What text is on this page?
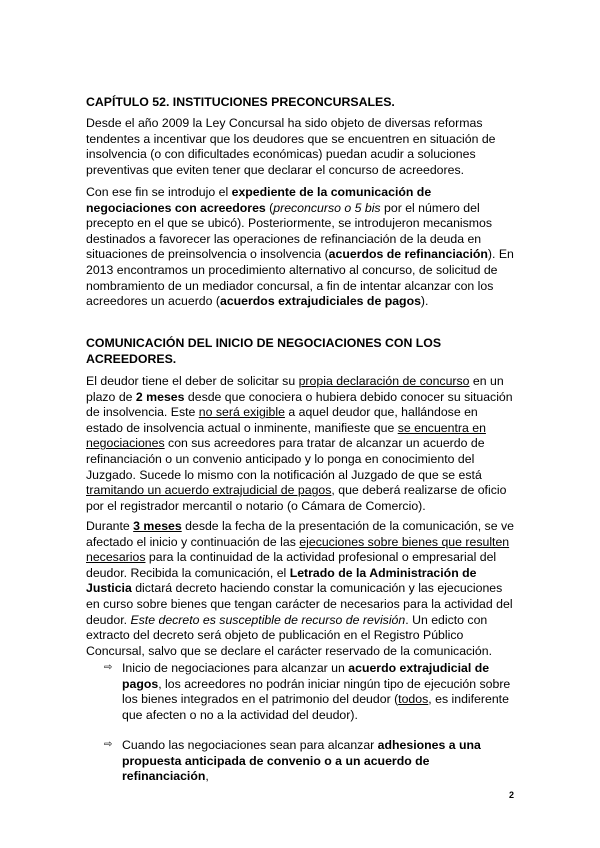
CAPÍTULO 52. INSTITUCIONES PRECONCURSALES.

Desde el año 2009 la Ley Concursal ha sido objeto de diversas reformas tendentes a incentivar que los deudores que se encuentren en situación de insolvencia (o con dificultades económicas) puedan acudir a soluciones preventivas que eviten tener que declarar el concurso de acreedores.

Con ese fin se introdujo el expediente de la comunicación de negociaciones con acreedores (preconcurso o 5 bis por el número del precepto en el que se ubicó). Posteriormente, se introdujeron mecanismos destinados a favorecer las operaciones de refinanciación de la deuda en situaciones de preinsolvencia o insolvencia (acuerdos de refinanciación). En 2013 encontramos un procedimiento alternativo al concurso, de solicitud de nombramiento de un mediador concursal, a fin de intentar alcanzar con los acreedores un acuerdo (acuerdos extrajudiciales de pagos).

COMUNICACIÓN DEL INICIO DE NEGOCIACIONES CON LOS ACREEDORES.

El deudor tiene el deber de solicitar su propia declaración de concurso en un plazo de 2 meses desde que conociera o hubiera debido conocer su situación de insolvencia. Este no será exigible a aquel deudor que, hallándose en estado de insolvencia actual o inminente, manifieste que se encuentra en negociaciones con sus acreedores para tratar de alcanzar un acuerdo de refinanciación o un convenio anticipado y lo ponga en conocimiento del Juzgado. Sucede lo mismo con la notificación al Juzgado de que se está tramitando un acuerdo extrajudicial de pagos, que deberá realizarse de oficio por el registrador mercantil o notario (o Cámara de Comercio).

Durante 3 meses desde la fecha de la presentación de la comunicación, se ve afectado el inicio y continuación de las ejecuciones sobre bienes que resulten necesarios para la continuidad de la actividad profesional o empresarial del deudor. Recibida la comunicación, el Letrado de la Administración de Justicia dictará decreto haciendo constar la comunicación y las ejecuciones en curso sobre bienes que tengan carácter de necesarios para la actividad del deudor. Este decreto es susceptible de recurso de revisión. Un edicto con extracto del decreto será objeto de publicación en el Registro Público Concursal, salvo que se declare el carácter reservado de la comunicación.

⇨ Inicio de negociaciones para alcanzar un acuerdo extrajudicial de pagos, los acreedores no podrán iniciar ningún tipo de ejecución sobre los bienes integrados en el patrimonio del deudor (todos, es indiferente que afecten o no a la actividad del deudor).

⇨ Cuando las negociaciones sean para alcanzar adhesiones a una propuesta anticipada de convenio o a un acuerdo de refinanciación,

2
